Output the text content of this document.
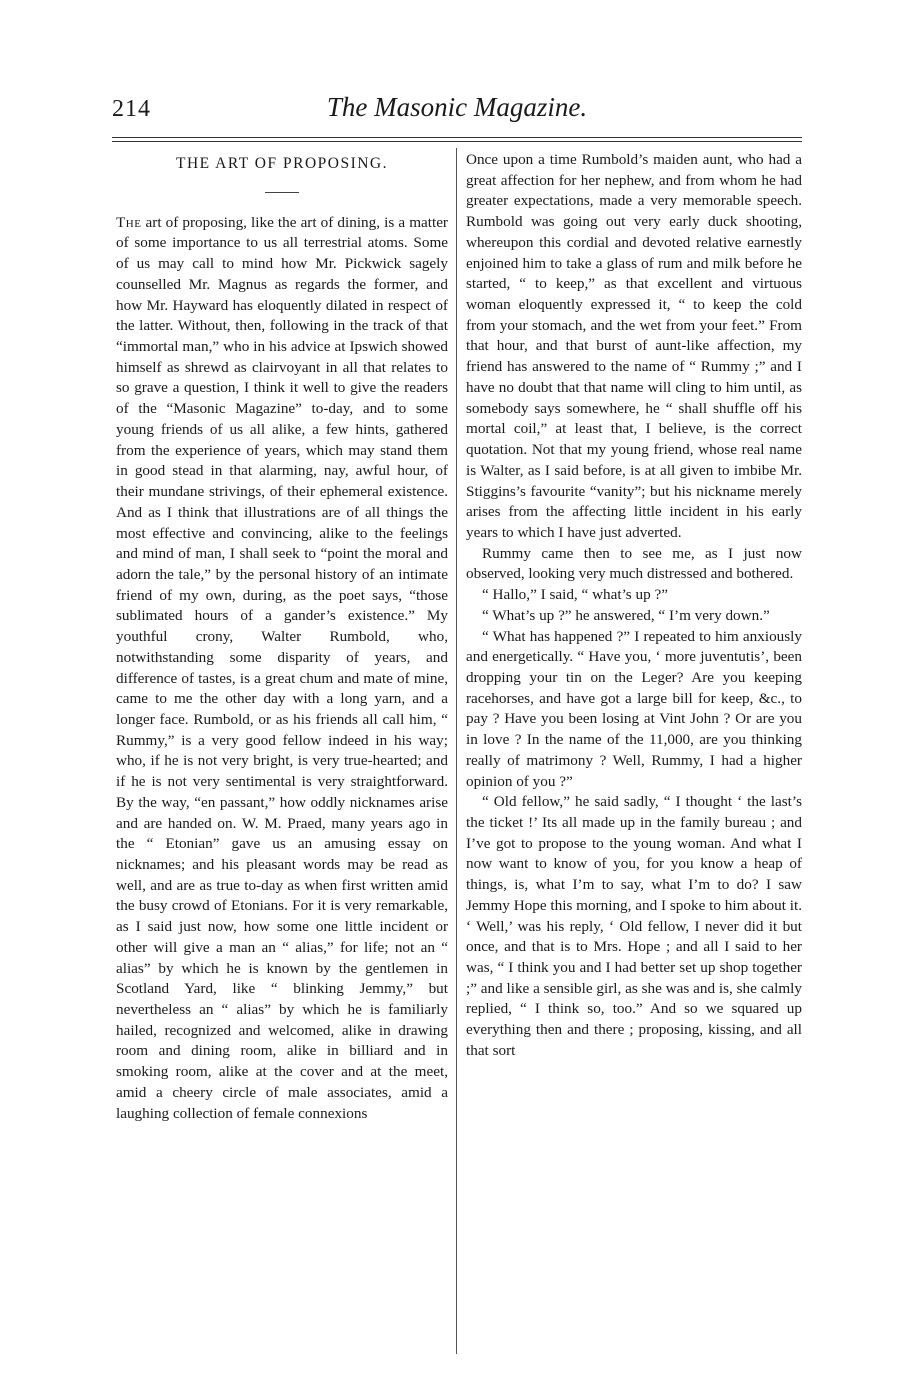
214	The Masonic Magazine.
THE ART OF PROPOSING.

The art of proposing, like the art of dining, is a matter of some importance to us all terrestrial atoms. Some of us may call to mind how Mr. Pickwick sagely counselled Mr. Magnus as regards the former, and how Mr. Hayward has eloquently dilated in respect of the latter. Without, then, following in the track of that “immortal man,” who in his advice at Ipswich showed himself as shrewd as clairvoyant in all that relates to so grave a question, I think it well to give the readers of the “Masonic Magazine” to-day, and to some young friends of us all alike, a few hints, gathered from the experience of years, which may stand them in good stead in that alarming, nay, awful hour, of their mundane strivings, of their ephemeral existence. And as I think that illustrations are of all things the most effective and convincing, alike to the feelings and mind of man, I shall seek to “point the moral and adorn the tale,” by the personal history of an intimate friend of my own, during, as the poet says, “those sublimated hours of a gander’s existence.” My youthful crony, Walter Rumbold, who, notwithstanding some disparity of years, and difference of tastes, is a great chum and mate of mine, came to me the other day with a long yarn, and a longer face. Rumbold, or as his friends all call him, “ Rummy,” is a very good fellow indeed in his way; who, if he is not very bright, is very true-hearted; and if he is not very sentimental is very straightforward. By the way, “en passant,” how oddly nicknames arise and are handed on. W. M. Praed, many years ago in the “ Etonian” gave us an amusing essay on nicknames; and his pleasant words may be read as well, and are as true to-day as when first written amid the busy crowd of Etonians. For it is very remarkable, as I said just now, how some one little incident or other will give a man an “ alias,” for life; not an “ alias” by which he is known by the gentlemen in Scotland Yard, like “ blinking Jemmy,” but nevertheless an “ alias” by which he is familiarly hailed, recognized and welcomed, alike in drawing room and dining room, alike in billiard and in smoking room, alike at the cover and at the meet, amid a cheery circle of male associates, amid a laughing collection of female connexions

Once upon a time Rumbold’s maiden aunt, who had a great affection for her nephew, and from whom he had greater expectations, made a very memorable speech. Rumbold was going out very early duck shooting, whereupon this cordial and devoted relative earnestly enjoined him to take a glass of rum and milk before he started, “ to keep,” as that excellent and virtuous woman eloquently expressed it, “ to keep the cold from your stomach, and the wet from your feet.” From that hour, and that burst of aunt-like affection, my friend has answered to the name of “ Rummy ;” and I have no doubt that that name will cling to him until, as somebody says somewhere, he “ shall shuffle off his mortal coil,” at least that, I believe, is the correct quotation. Not that my young friend, whose real name is Walter, as I said before, is at all given to imbibe Mr. Stiggins’s favourite “vanity”; but his nickname merely arises from the affecting little incident in his early years to which I have just adverted.

Rummy came then to see me, as I just now observed, looking very much distressed and bothered.

“ Hallo,” I said, “ what’s up ?”

“ What’s up ?” he answered, “ I’m very down.”

“ What has happened ?” I repeated to him anxiously and energetically. “ Have you, ‘ more juventutis’, been dropping your tin on the Leger? Are you keeping racehorses, and have got a large bill for keep, &c., to pay ? Have you been losing at Vint John ? Or are you in love ? In the name of the 11,000, are you thinking really of matrimony ? Well, Rummy, I had a higher opinion of you ?”

“ Old fellow,” he said sadly, “ I thought ‘ the last’s the ticket !’ Its all made up in the family bureau ; and I’ve got to propose to the young woman. And what I now want to know of you, for you know a heap of things, is, what I’m to say, what I’m to do? I saw Jemmy Hope this morning, and I spoke to him about it. ‘ Well,’ was his reply, ‘ Old fellow, I never did it but once, and that is to Mrs. Hope ; and all I said to her was, “ I think you and I had better set up shop together ;” and like a sensible girl, as she was and is, she calmly replied, “ I think so, too.” And so we squared up everything then and there ; proposing, kissing, and all that sort
